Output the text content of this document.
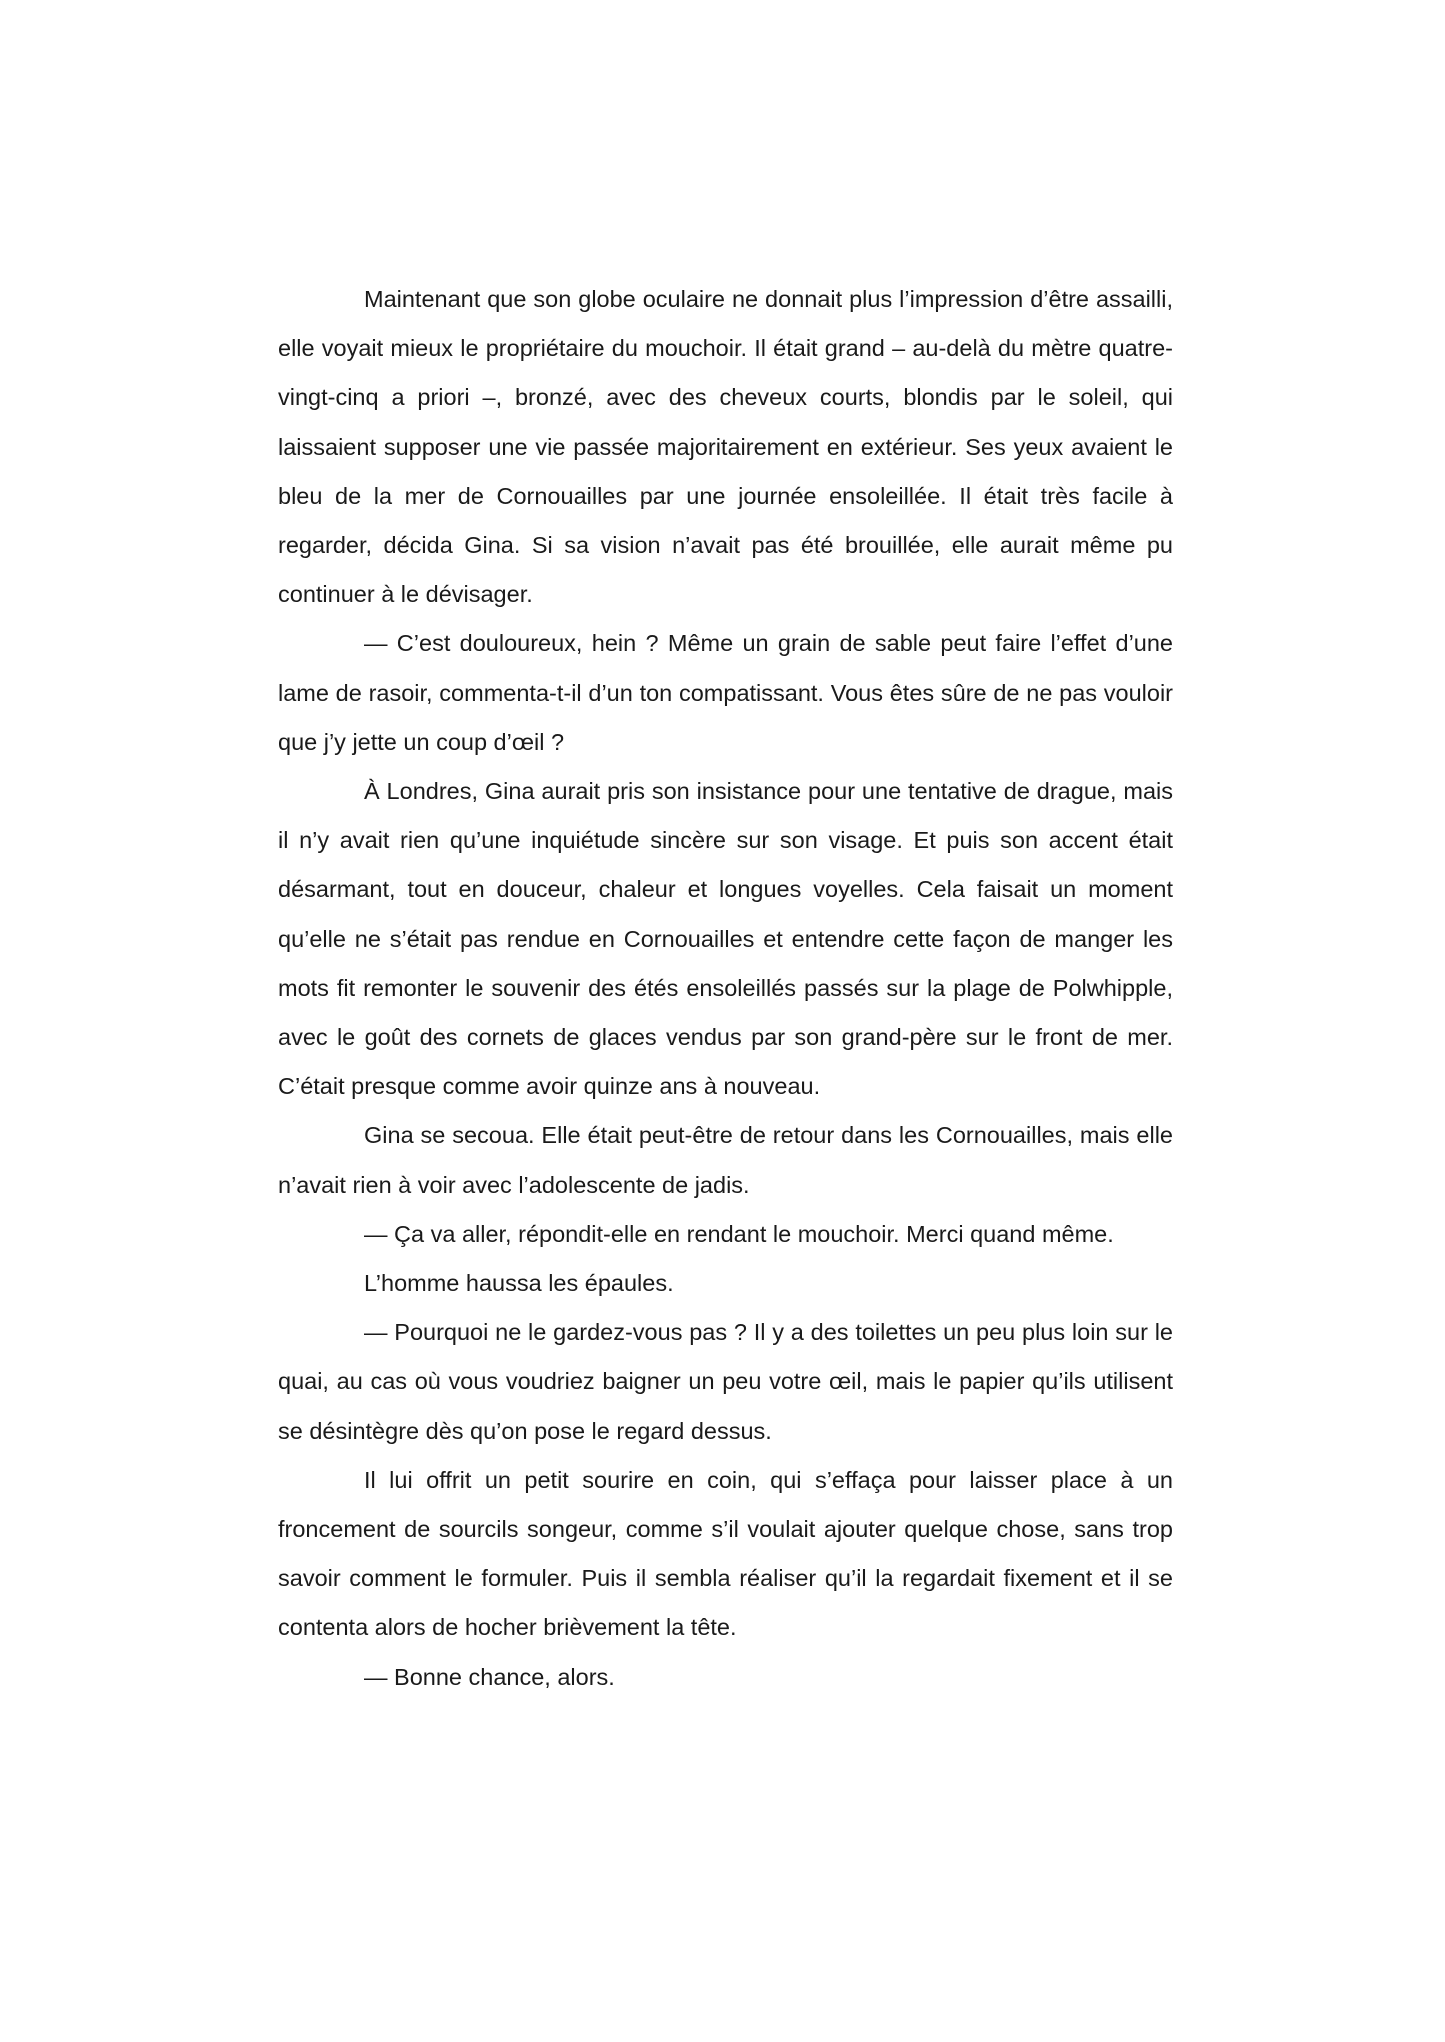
Maintenant que son globe oculaire ne donnait plus l’impression d’être assailli, elle voyait mieux le propriétaire du mouchoir. Il était grand – au-delà du mètre quatre-vingt-cinq a priori –, bronzé, avec des cheveux courts, blondis par le soleil, qui laissaient supposer une vie passée majoritairement en extérieur. Ses yeux avaient le bleu de la mer de Cornouailles par une journée ensoleillée. Il était très facile à regarder, décida Gina. Si sa vision n’avait pas été brouillée, elle aurait même pu continuer à le dévisager.

— C’est douloureux, hein ? Même un grain de sable peut faire l’effet d’une lame de rasoir, commenta-t-il d’un ton compatissant. Vous êtes sûre de ne pas vouloir que j’y jette un coup d’œil ?

À Londres, Gina aurait pris son insistance pour une tentative de drague, mais il n’y avait rien qu’une inquiétude sincère sur son visage. Et puis son accent était désarmant, tout en douceur, chaleur et longues voyelles. Cela faisait un moment qu’elle ne s’était pas rendue en Cornouailles et entendre cette façon de manger les mots fit remonter le souvenir des étés ensoleillés passés sur la plage de Polwhipple, avec le goût des cornets de glaces vendus par son grand-père sur le front de mer. C’était presque comme avoir quinze ans à nouveau.

Gina se secoua. Elle était peut-être de retour dans les Cornouailles, mais elle n’avait rien à voir avec l’adolescente de jadis.

— Ça va aller, répondit-elle en rendant le mouchoir. Merci quand même.

L’homme haussa les épaules.

— Pourquoi ne le gardez-vous pas ? Il y a des toilettes un peu plus loin sur le quai, au cas où vous voudriez baigner un peu votre œil, mais le papier qu’ils utilisent se désintègre dès qu’on pose le regard dessus.

Il lui offrit un petit sourire en coin, qui s’effaça pour laisser place à un froncement de sourcils songeur, comme s’il voulait ajouter quelque chose, sans trop savoir comment le formuler. Puis il sembla réaliser qu’il la regardait fixement et il se contenta alors de hocher brièvement la tête.

— Bonne chance, alors.
